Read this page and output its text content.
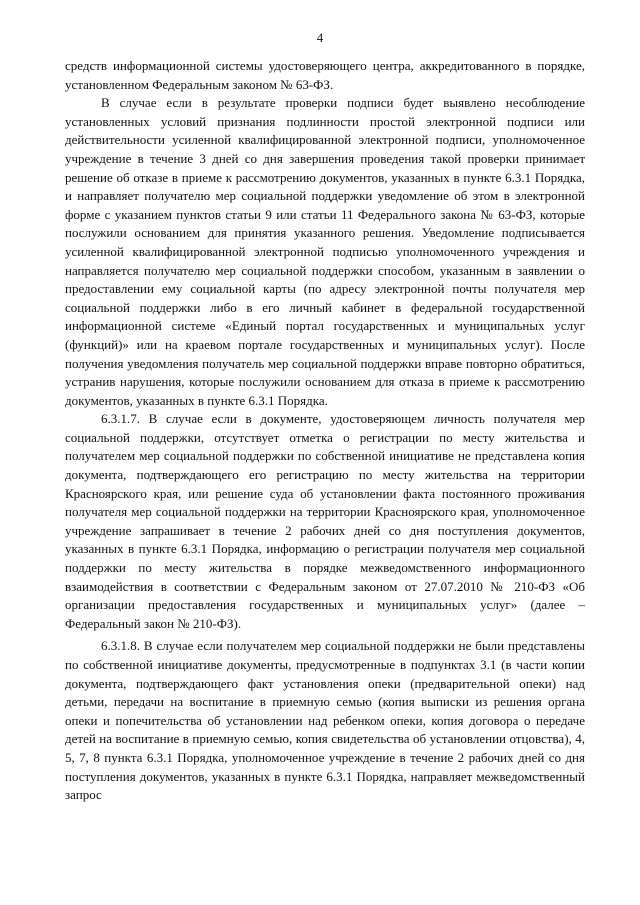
4

средств информационной системы удостоверяющего центра, аккредитованного в порядке, установленном Федеральным законом № 63-ФЗ.

В случае если в результате проверки подписи будет выявлено несоблюдение установленных условий признания подлинности простой электронной подписи или действительности усиленной квалифицированной электронной подписи, уполномоченное учреждение в течение 3 дней со дня завершения проведения такой проверки принимает решение об отказе в приеме к рассмотрению документов, указанных в пункте 6.3.1 Порядка, и направляет получателю мер социальной поддержки уведомление об этом в электронной форме с указанием пунктов статьи 9 или статьи 11 Федерального закона № 63-ФЗ, которые послужили основанием для принятия указанного решения. Уведомление подписывается усиленной квалифицированной электронной подписью уполномоченного учреждения и направляется получателю мер социальной поддержки способом, указанным в заявлении о предоставлении ему социальной карты (по адресу электронной почты получателя мер социальной поддержки либо в его личный кабинет в федеральной государственной информационной системе «Единый портал государственных и муниципальных услуг (функций)» или на краевом портале государственных и муниципальных услуг). После получения уведомления получатель мер социальной поддержки вправе повторно обратиться, устранив нарушения, которые послужили основанием для отказа в приеме к рассмотрению документов, указанных в пункте 6.3.1 Порядка.

6.3.1.7. В случае если в документе, удостоверяющем личность получателя мер социальной поддержки, отсутствует отметка о регистрации по месту жительства и получателем мер социальной поддержки по собственной инициативе не представлена копия документа, подтверждающего его регистрацию по месту жительства на территории Красноярского края, или решение суда об установлении факта постоянного проживания получателя мер социальной поддержки на территории Красноярского края, уполномоченное учреждение запрашивает в течение 2 рабочих дней со дня поступления документов, указанных в пункте 6.3.1 Порядка, информацию о регистрации получателя мер социальной поддержки по месту жительства в порядке межведомственного информационного взаимодействия в соответствии с Федеральным законом от 27.07.2010 № 210-ФЗ «Об организации предоставления государственных и муниципальных услуг» (далее – Федеральный закон № 210-ФЗ).

6.3.1.8. В случае если получателем мер социальной поддержки не были представлены по собственной инициативе документы, предусмотренные в подпунктах 3.1 (в части копии документа, подтверждающего факт установления опеки (предварительной опеки) над детьми, передачи на воспитание в приемную семью (копия выписки из решения органа опеки и попечительства об установлении над ребенком опеки, копия договора о передаче детей на воспитание в приемную семью, копия свидетельства об установлении отцовства), 4, 5, 7, 8 пункта 6.3.1 Порядка, уполномоченное учреждение в течение 2 рабочих дней со дня поступления документов, указанных в пункте 6.3.1 Порядка, направляет межведомственный запрос
